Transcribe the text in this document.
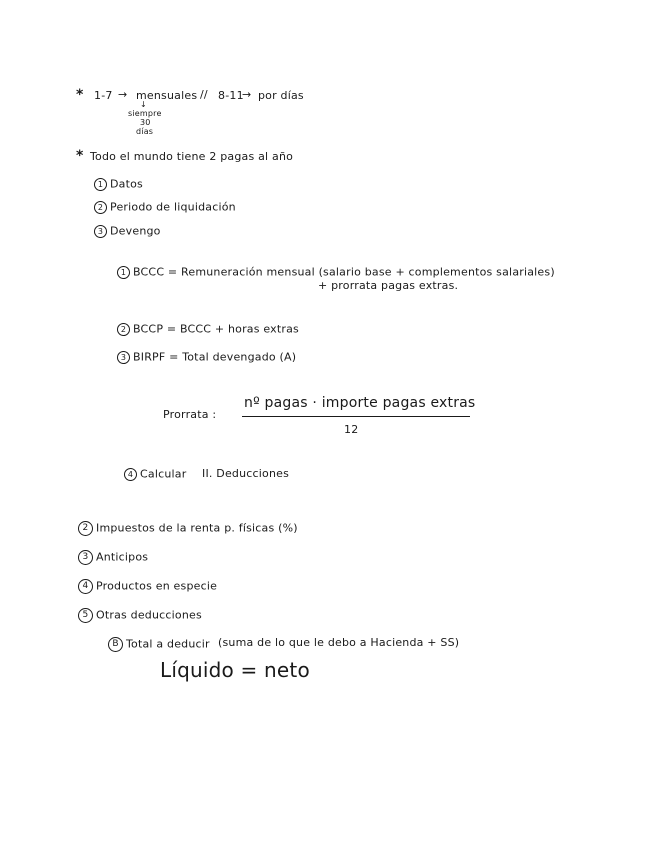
* 1-7 → mensuales // 8-11
→ por días
↓
siempre
30
días
* Todo el mundo tiene 2 pagas al año
1 Datos
2 Periodo de liquidación
3 Devengo
1 BCCC = Remuneración mensual (salario base + complementos salariales)
+ prorrata pagas extras.
2 BCCP = BCCC + horas extras
3 BIRPF = Total devengado (A)
Prorrata :
nº pagas · importe pagas extras
12
4 Calcular II. Deducciones
2 Impuestos de la renta p. físicas (%)
3 Anticipos
4 Productos en especie
5 Otras deducciones
B Total a deducir (suma de lo que le debo a Hacienda + SS)
Líquido = neto
